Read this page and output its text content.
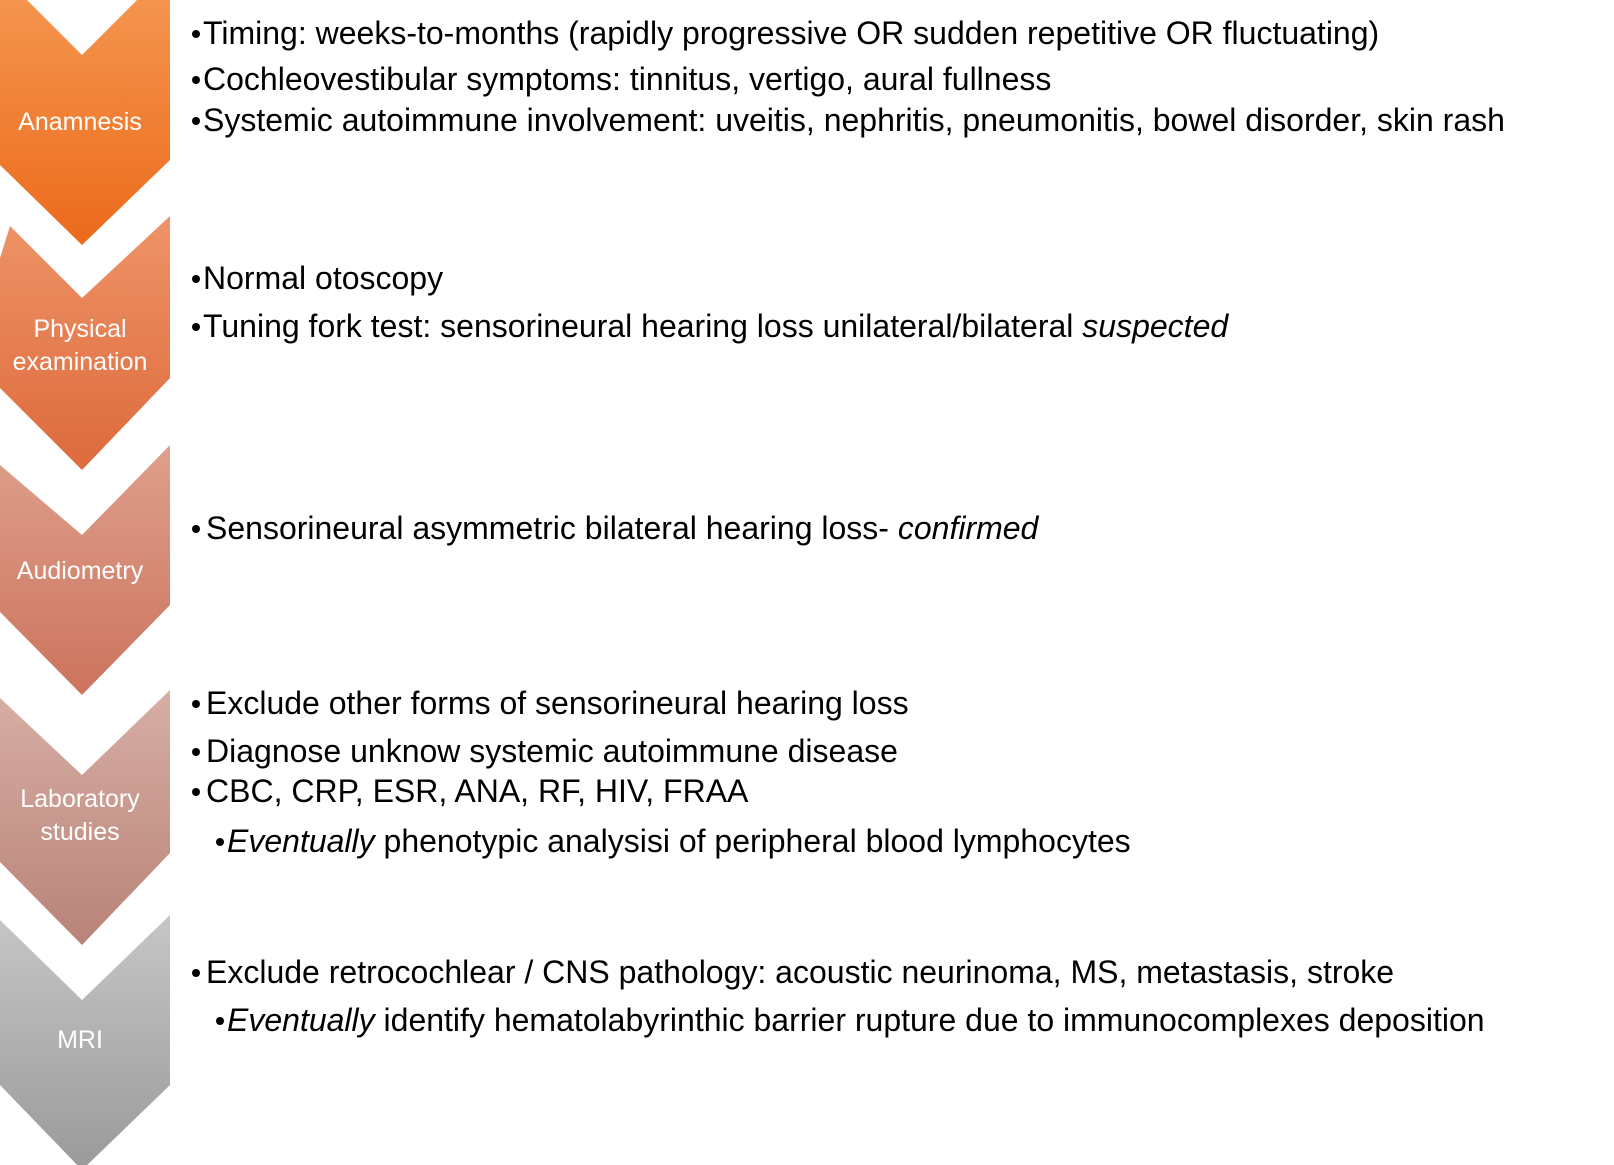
Anamnesis
Physical
examination
Audiometry
Laboratory
studies
MRI
Timing: weeks-to-months (rapidly progressive OR sudden repetitive OR fluctuating)
Cochleovestibular symptoms: tinnitus, vertigo, aural fullness
Systemic autoimmune involvement: uveitis, nephritis, pneumonitis, bowel disorder, skin rash
Normal otoscopy
Tuning fork test: sensorineural hearing loss unilateral/bilateral suspected
Sensorineural asymmetric bilateral hearing loss- confirmed
Exclude other forms of sensorineural hearing loss
Diagnose unknow systemic autoimmune disease
CBC, CRP, ESR, ANA, RF, HIV, FRAA
Eventually phenotypic analysisi of peripheral blood lymphocytes
Exclude retrocochlear / CNS pathology: acoustic neurinoma, MS, metastasis, stroke
Eventually identify hematolabyrinthic barrier rupture due to immunocomplexes deposition
